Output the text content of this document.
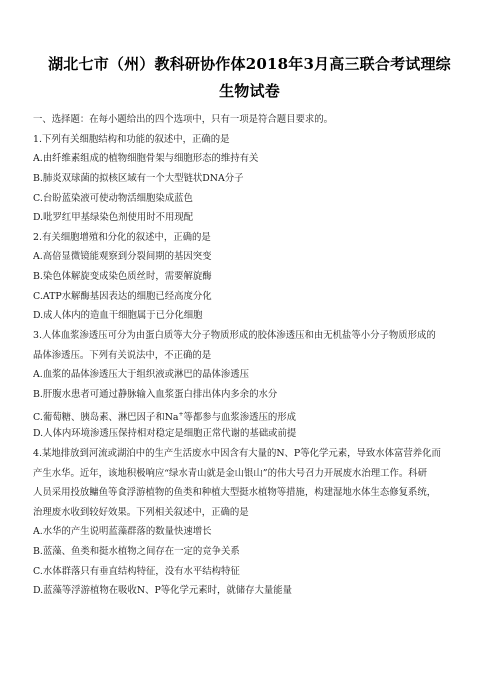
湖北七市（州）教科研协作体2018年3月高三联合考试理综
生物试卷
一、选择题：在每小题给出的四个选项中，只有一项是符合题目要求的。
1.下列有关细胞结构和功能的叙述中，正确的是
A.由纤维素组成的植物细胞骨架与细胞形态的维持有关
B.肺炎双球菌的拟核区域有一个大型链状DNA分子
C.台盼蓝染液可使动物活细胞染成蓝色
D.吡罗红甲基绿染色剂使用时不用现配
2.有关细胞增殖和分化的叙述中，正确的是
A.高倍显微镜能观察到分裂间期的基因突变
B.染色体解旋变成染色质丝时，需要解旋酶
C.ATP水解酶基因表达的细胞已经高度分化
D.成人体内的造血干细胞属于已分化细胞
3.人体血浆渗透压可分为由蛋白质等大分子物质形成的胶体渗透压和由无机盐等小分子物质形成的
晶体渗透压。下列有关说法中，不正确的是
A.血浆的晶体渗透压大于组织液或淋巴的晶体渗透压
B.肝腹水患者可通过静脉输入血浆蛋白排出体内多余的水分
C.葡萄糖、胰岛素、淋巴因子和Na+等都参与血浆渗透压的形成
D.人体内环境渗透压保持相对稳定是细胞正常代谢的基础或前提
4.某地排放到河流或湖泊中的生产生活废水中因含有大量的N、P等化学元素，导致水体富营养化而
产生水华。近年，该地积极响应“绿水青山就是金山银山”的伟大号召力开展废水治理工作。科研
人员采用投放鳙鱼等食浮游植物的鱼类和种植大型挺水植物等措施，构建湿地水体生态修复系统，
治理废水收到较好效果。下列相关叙述中，正确的是
A.水华的产生说明蓝藻群落的数量快速增长
B.蓝藻、鱼类和挺水植物之间存在一定的竞争关系
C.水体群落只有垂直结构特征，没有水平结构特征
D.蓝藻等浮游植物在吸收N、P等化学元素时，就储存大量能量
